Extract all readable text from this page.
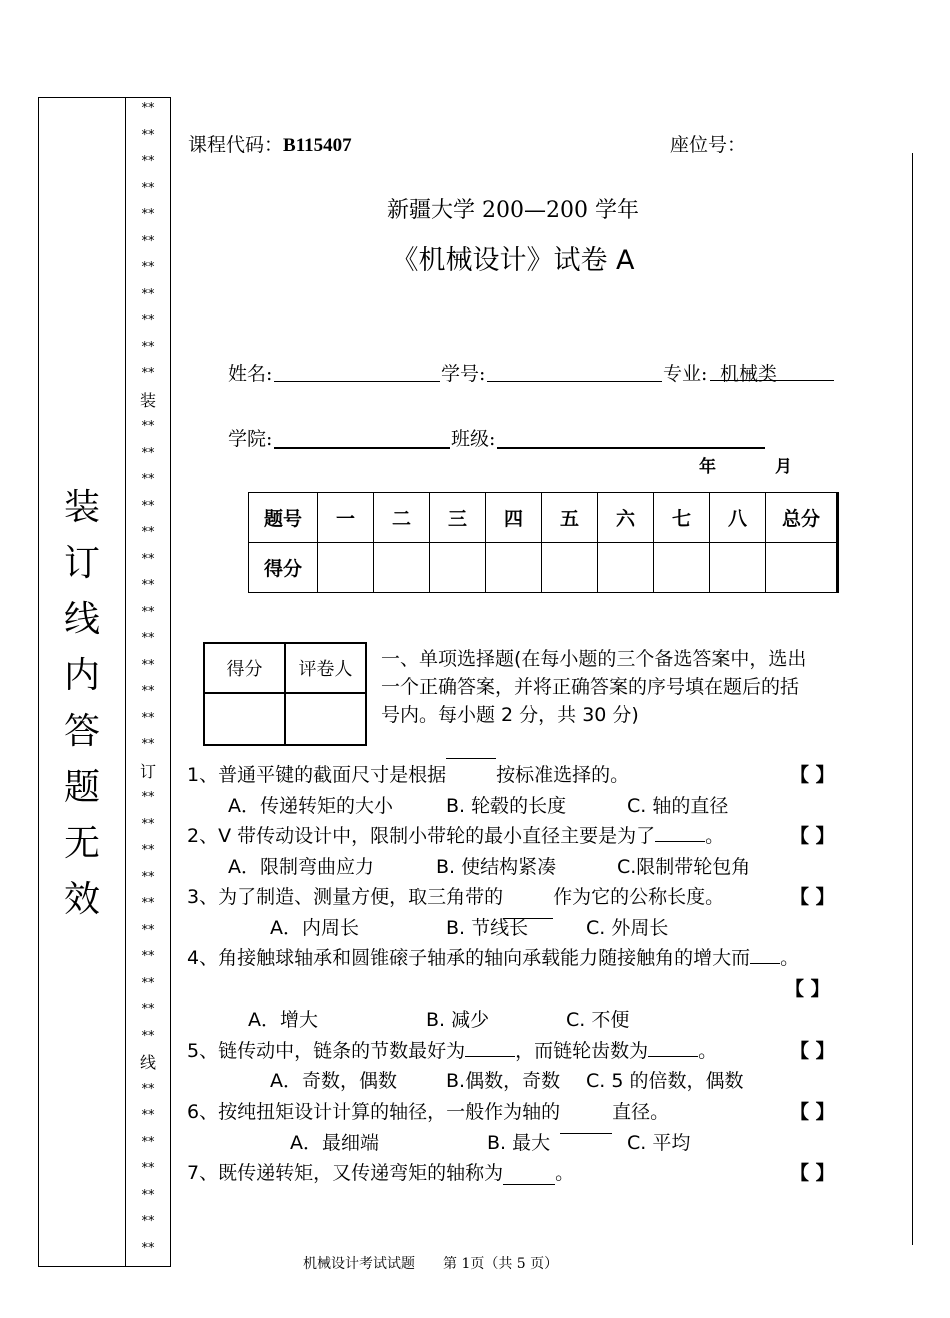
装
订
线
内
答
题
无
效
**
**
**
**
**
**
**
**
**
**
**
装
**
**
**
**
**
**
**
**
**
**
**
**
**
订
**
**
**
**
**
**
**
**
**
**
线
**
**
**
**
**
**
**
课程代码：B115407	座位号：
新疆大学 200—200 学年
《机械设计》试卷 A
姓名:	学号:	专业: 机械类
学院:	班级:
年	月
题号	一	二	三	四	五	六	七	八	总分
得分									
得分	评卷人
	一、单项选择题(在每小题的三个备选答案中，选出
一个正确答案，并将正确答案的序号填在题后的括
号内。每小题 2 分，共 30 分)
1、普通平键的截面尺寸是根据	按标准选择的。	【 】
A．传递转矩的大小	B. 轮毂的长度	C. 轴的直径
2、V 带传动设计中，限制小带轮的最小直径主要是为了	。	【 】
A．限制弯曲应力	B. 使结构紧凑	C.限制带轮包角
3、为了制造、测量方便，取三角带的	作为它的公称长度。	【 】
A．内周长	B. 节线长	C. 外周长
4、角接触球轴承和圆锥磙子轴承的轴向承载能力随接触角的增大而 。
【 】
A．增大	B. 减少	C. 不便
5、链传动中，链条的节数最好为	，而链轮齿数为	。	【 】
A．奇数，偶数	B.偶数，奇数 C. 5 的倍数，偶数
6、按纯扭矩设计计算的轴径，一般作为轴的	直径。	【 】
A．最细端	B. 最大	C. 平均
7、既传递转矩，又传递弯矩的轴称为	。	【 】
机械设计考试试题　　第 1页（共 5 页）
